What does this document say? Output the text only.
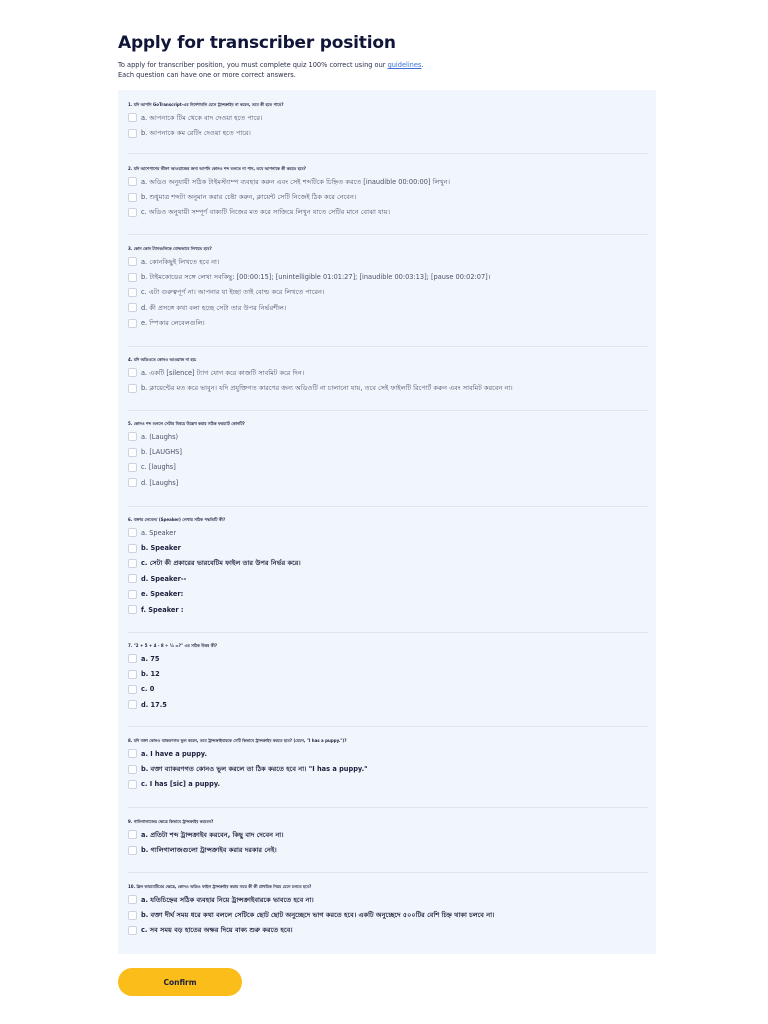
Apply for transcriber position
To apply for transcriber position, you must complete quiz 100% correct using our guidelines.
Each question can have one or more correct answers.
1. যদি আপনি GoTranscript-এর নির্দেশাবলি মেনে ট্রান্সক্রাইব না করেন, তবে কী হতে পারে?
a. আপনাকে টিম থেকে বাদ দেওয়া হতে পারে।
b. আপনাকে কম রেটিং দেওয়া হতে পারে।
2. যদি আশেপাশের ভীষণ আওয়াজের জন্য আপনি কোনও শব্দ শুনতে না পান, তবে আপনাকে কী করতে হবে?
a. অডিও অনুযায়ী সঠিক টাইমস্ট্যাম্প ব্যবহার করুন এবং সেই শব্দটিকে চিহ্নিত করতে [inaudible 00:00:00] লিখুন।
b. শুধুমাত্র শব্দটা অনুমান করার চেষ্টা করুন, ক্লায়েন্ট সেটি নিজেই ঠিক করে নেবেন।
c. অডিও অনুযায়ী সম্পূর্ণ বাক্যটি নিজের মত করে সাজিয়ে লিখুন যাতে সেটির মানে বোঝা যায়।
3. কোন কোন ট্যাগগুলিকে বোল্ডভাবে লিখতে হবে?
a. কোনকিছুই লিখতে হবে না।
b. টাইমকোডের সঙ্গে লেখা সবকিছু: [00:00:15]; [unintelligible 01:01:27]; [inaudible 00:03:13]; [pause 00:02:07]।
c. এটা গুরুত্বপূর্ণ না। আপনার যা ইচ্ছা তাই বোল্ড করে লিখতে পারেন।
d. কী প্রসঙ্গে কথা বলা হচ্ছে সেটা তার উপর নির্ভরশীল।
e. স্পিকার লেবেলগুলি।
4. যদি অডিওতে কোনও আওয়াজ না হয়:
a. একটি [silence] ট্যাগ যোগ করে কাজটি সাবমিট করে দিন।
b. ক্লায়েন্টের মত করে ভাবুন। যদি প্রযুক্তিগত কারণের জন্য অডিওটি না চালানো যায়, তবে সেই ফাইলটি রিপোর্ট করুন এবং সাবমিট করবেন না।
5. কোনও শব্দ শুনলে সেটার বিষয়ে উল্লেখ করার সঠিক ফরম্যাট কোনটি?
a. (Laughs)
b. [LAUGHS]
c. [laughs]
d. [Laughs]
6. বক্তার লেবেল/ (Speaker) লেখার সঠিক পদ্ধতিটি কী?
a. Speaker
b. Speaker
c. সেটা কী প্রকারের ভারবেটিম ফাইল তার উপর নির্ভর করে।
d. Speaker--
e. Speaker:
f. Speaker :
7. "2 + 5 + 4 - 8 ÷ ½ =?" এর সঠিক উত্তর কী?
a. 75
b. 12
c. 0
d. 17.5
8. যদি বক্তা কোনও ব্যাকরণগত ভুল করেন, তবে ট্রান্সক্রাইবারকে সেটি কিভাবে ট্রান্সক্রাইব করতে হবে? (যেমন, "I has a puppy.")?
a. I have a puppy.
b. বক্তা ব্যাকরণগত কোনও ভুল করলে তা ঠিক করতে হবে না। "I has a puppy."
c. I has [sic] a puppy.
9. গালিগালাজের ক্ষেত্রে কিভাবে ট্রান্সক্রাইব করবেন?
a. প্রতিটা শব্দ ট্রান্সক্রাইব করবেন, কিছু বাদ দেবেন না।
b. গালিগালাজগুলো ট্রান্সক্রাইব করার দরকার নেই।
10. ক্লিন ভারবেটিমের ক্ষেত্রে, কোনও অডিও ফাইল ট্রান্সক্রাইব করার সময় কী কী প্রাথমিক নিয়ম মেনে চলতে হবে?
a. যতিচিহ্নের সঠিক ব্যবহার নিয়ে ট্রান্সক্রাইবারকে ভাবতে হবে না।
b. বক্তা দীর্ঘ সময় ধরে কথা বললে সেটিকে ছোট ছোট অনুচ্ছেদে ভাগ করতে হবে। একটি অনুচ্ছেদে ৫০০টির বেশি চিহ্ন থাকা চলবে না।
c. সব সময় বড় হাতের অক্ষর দিয়ে বাক্য শুরু করতে হবে।
Confirm
